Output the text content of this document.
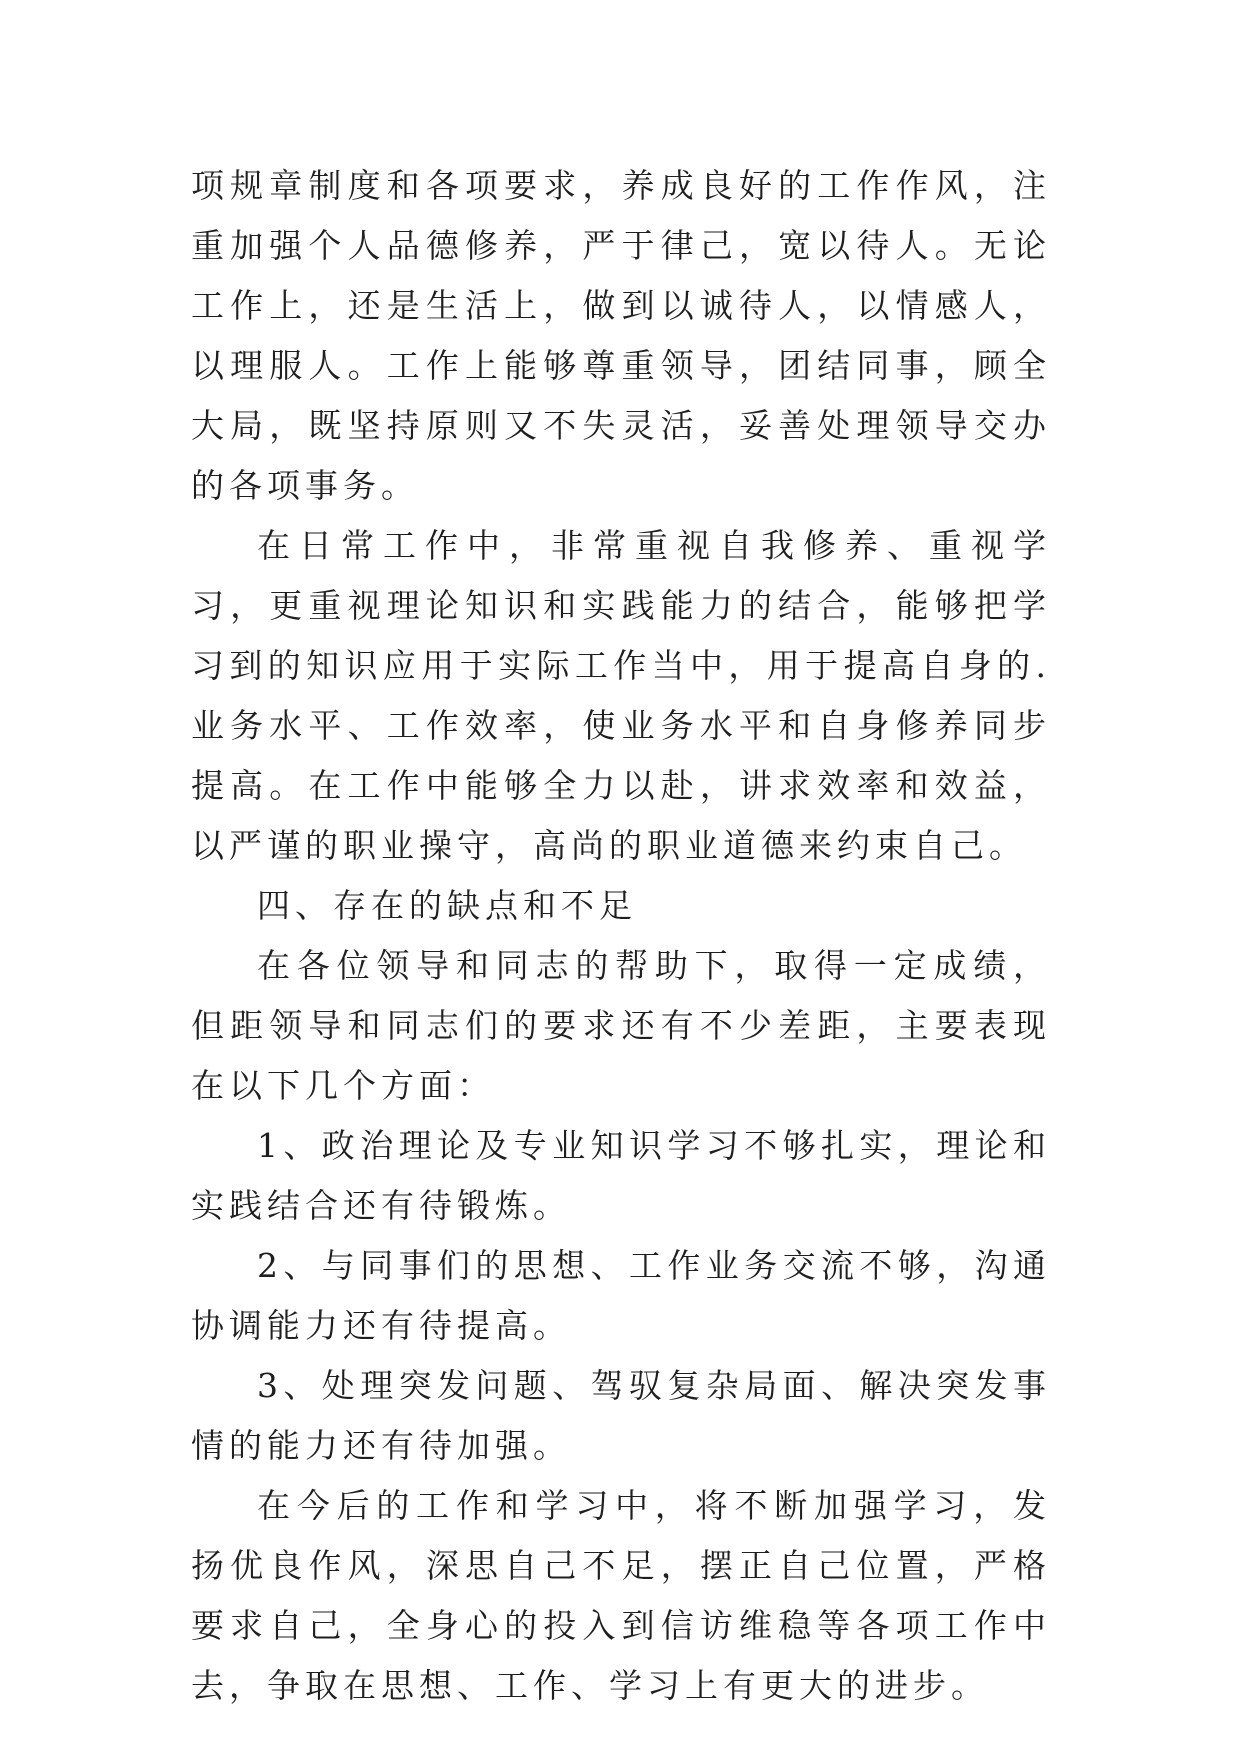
项规章制度和各项要求，养成良好的工作作风，注重加强个人品德修养，严于律己，宽以待人。无论工作上，还是生活上，做到以诚待人，以情感人，以理服人。工作上能够尊重领导，团结同事，顾全大局，既坚持原则又不失灵活，妥善处理领导交办的各项事务。

在日常工作中，非常重视自我修养、重视学习，更重视理论知识和实践能力的结合，能够把学习到的知识应用于实际工作当中，用于提高自身的.业务水平、工作效率，使业务水平和自身修养同步提高。在工作中能够全力以赴，讲求效率和效益，以严谨的职业操守，高尚的职业道德来约束自己。

四、存在的缺点和不足

在各位领导和同志的帮助下，取得一定成绩，但距领导和同志们的要求还有不少差距，主要表现在以下几个方面：

1、政治理论及专业知识学习不够扎实，理论和实践结合还有待锻炼。

2、与同事们的思想、工作业务交流不够，沟通协调能力还有待提高。

3、处理突发问题、驾驭复杂局面、解决突发事情的能力还有待加强。

在今后的工作和学习中，将不断加强学习，发扬优良作风，深思自己不足，摆正自己位置，严格要求自己，全身心的投入到信访维稳等各项工作中去，争取在思想、工作、学习上有更大的进步。
